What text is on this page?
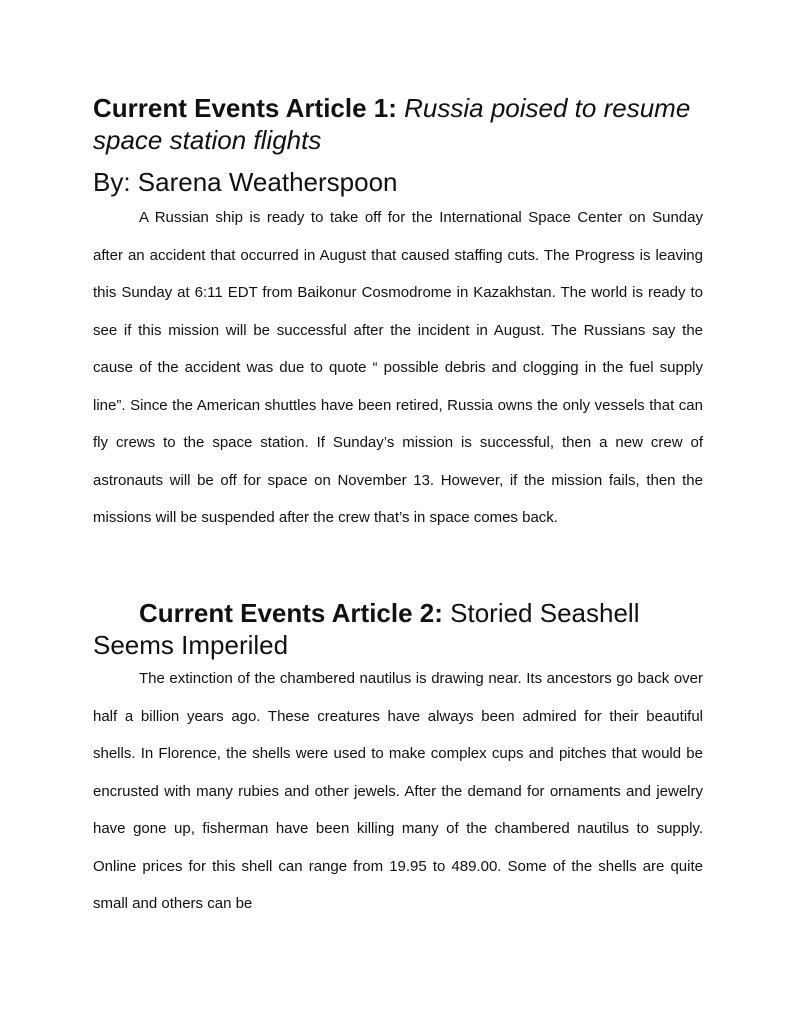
Current Events Article 1: Russia poised to resume space station flights
By: Sarena Weatherspoon

A Russian ship is ready to take off for the International Space Center on Sunday after an accident that occurred in August that caused staffing cuts. The Progress is leaving this Sunday at 6:11 EDT from Baikonur Cosmodrome in Kazakhstan. The world is ready to see if this mission will be successful after the incident in August. The Russians say the cause of the accident was due to quote “ possible debris and clogging in the fuel supply line”. Since the American shuttles have been retired, Russia owns the only vessels that can fly crews to the space station. If Sunday’s mission is successful, then a new crew of astronauts will be off for space on November 13. However, if the mission fails, then the missions will be suspended after the crew that’s in space comes back.

Current Events Article 2: Storied Seashell Seems Imperiled

The extinction of the chambered nautilus is drawing near. Its ancestors go back over half a billion years ago. These creatures have always been admired for their beautiful shells. In Florence, the shells were used to make complex cups and pitches that would be encrusted with many rubies and other jewels. After the demand for ornaments and jewelry have gone up, fisherman have been killing many of the chambered nautilus to supply. Online prices for this shell can range from 19.95 to 489.00. Some of the shells are quite small and others can be
